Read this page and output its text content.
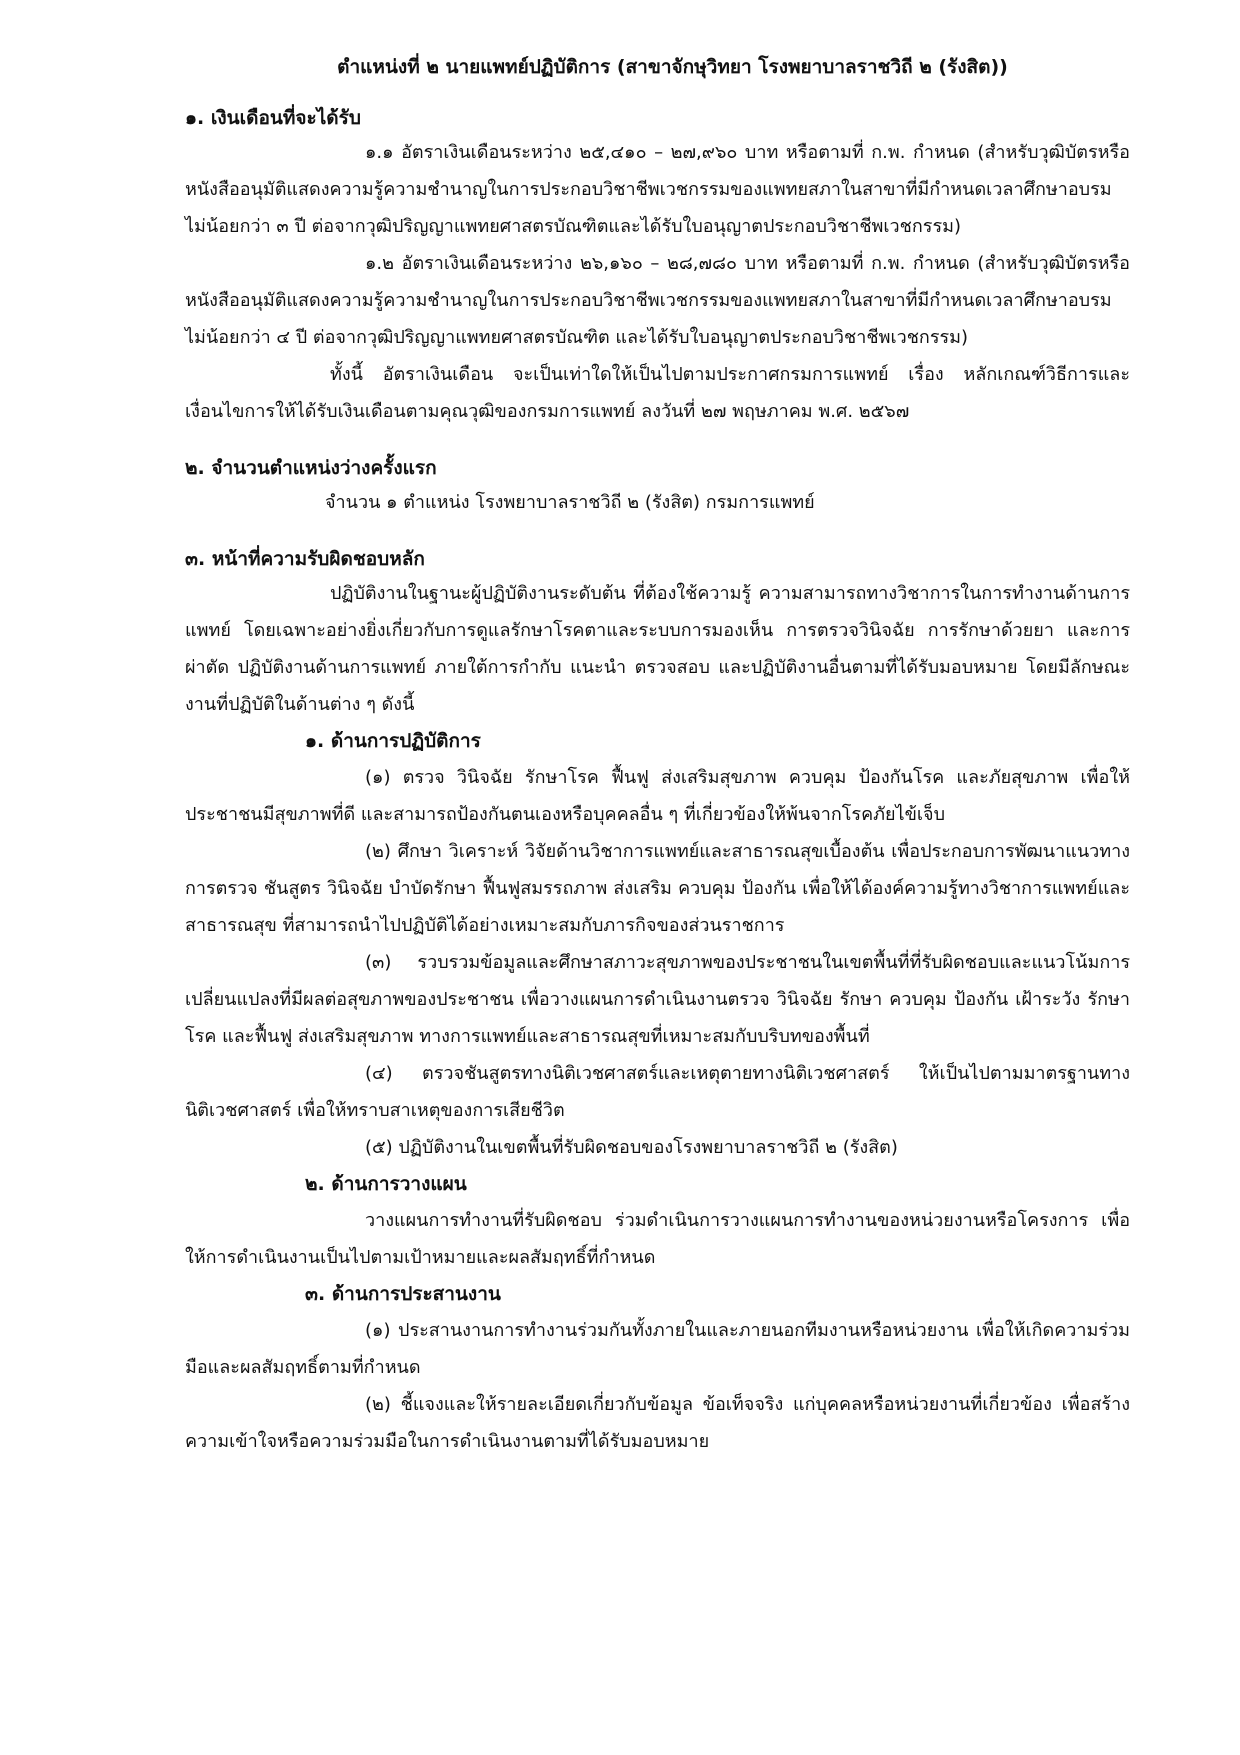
ตำแหน่งที่ ๒ นายแพทย์ปฏิบัติการ (สาขาจักษุวิทยา โรงพยาบาลราชวิถี ๒ (รังสิต))
๑. เงินเดือนที่จะได้รับ

๑.๑ อัตราเงินเดือนระหว่าง ๒๕,๔๑๐ – ๒๗,๙๖๐ บาท หรือตามที่ ก.พ. กำหนด (สำหรับวุฒิบัตรหรือหนังสืออนุมัติแสดงความรู้ความชำนาญในการประกอบวิชาชีพเวชกรรมของแพทยสภาในสาขาที่มีกำหนดเวลาศึกษาอบรมไม่น้อยกว่า ๓ ปี ต่อจากวุฒิปริญญาแพทยศาสตรบัณฑิตและได้รับใบอนุญาตประกอบวิชาชีพเวชกรรม)

๑.๒ อัตราเงินเดือนระหว่าง ๒๖,๑๖๐ – ๒๘,๗๘๐ บาท หรือตามที่ ก.พ. กำหนด (สำหรับวุฒิบัตรหรือหนังสืออนุมัติแสดงความรู้ความชำนาญในการประกอบวิชาชีพเวชกรรมของแพทยสภาในสาขาที่มีกำหนดเวลาศึกษาอบรมไม่น้อยกว่า ๔ ปี ต่อจากวุฒิปริญญาแพทยศาสตรบัณฑิต และได้รับใบอนุญาตประกอบวิชาชีพเวชกรรม)

ทั้งนี้ อัตราเงินเดือน จะเป็นเท่าใดให้เป็นไปตามประกาศกรมการแพทย์ เรื่อง หลักเกณฑ์วิธีการและเงื่อนไขการให้ได้รับเงินเดือนตามคุณวุฒิของกรมการแพทย์ ลงวันที่ ๒๗ พฤษภาคม พ.ศ. ๒๕๖๗

๒. จำนวนตำแหน่งว่างครั้งแรก

จำนวน ๑ ตำแหน่ง โรงพยาบาลราชวิถี ๒ (รังสิต) กรมการแพทย์

๓. หน้าที่ความรับผิดชอบหลัก

ปฏิบัติงานในฐานะผู้ปฏิบัติงานระดับต้น ที่ต้องใช้ความรู้ ความสามารถทางวิชาการในการทำงานด้านการแพทย์ โดยเฉพาะอย่างยิ่งเกี่ยวกับการดูแลรักษาโรคตาและระบบการมองเห็น การตรวจวินิจฉัย การรักษาด้วยยา และการผ่าตัด ปฏิบัติงานด้านการแพทย์ ภายใต้การกำกับ แนะนำ ตรวจสอบ และปฏิบัติงานอื่นตามที่ได้รับมอบหมาย โดยมีลักษณะงานที่ปฏิบัติในด้านต่าง ๆ ดังนี้

๑. ด้านการปฏิบัติการ

(๑) ตรวจ วินิจฉัย รักษาโรค ฟื้นฟู ส่งเสริมสุขภาพ ควบคุม ป้องกันโรค และภัยสุขภาพ เพื่อให้ประชาชนมีสุขภาพที่ดี และสามารถป้องกันตนเองหรือบุคคลอื่น ๆ ที่เกี่ยวข้องให้พ้นจากโรคภัยไข้เจ็บ

(๒) ศึกษา วิเคราะห์ วิจัยด้านวิชาการแพทย์และสาธารณสุขเบื้องต้น เพื่อประกอบการพัฒนาแนวทางการตรวจ ชันสูตร วินิจฉัย บำบัดรักษา ฟื้นฟูสมรรถภาพ ส่งเสริม ควบคุม ป้องกัน เพื่อให้ได้องค์ความรู้ทางวิชาการแพทย์และสาธารณสุข ที่สามารถนำไปปฏิบัติได้อย่างเหมาะสมกับภารกิจของส่วนราชการ

(๓) รวบรวมข้อมูลและศึกษาสภาวะสุขภาพของประชาชนในเขตพื้นที่ที่รับผิดชอบและแนวโน้มการเปลี่ยนแปลงที่มีผลต่อสุขภาพของประชาชน เพื่อวางแผนการดำเนินงานตรวจ วินิจฉัย รักษา ควบคุม ป้องกัน เฝ้าระวัง รักษาโรค และฟื้นฟู ส่งเสริมสุขภาพ ทางการแพทย์และสาธารณสุขที่เหมาะสมกับบริบทของพื้นที่

(๔) ตรวจชันสูตรทางนิติเวชศาสตร์และเหตุตายทางนิติเวชศาสตร์ ให้เป็นไปตามมาตรฐานทางนิติเวชศาสตร์ เพื่อให้ทราบสาเหตุของการเสียชีวิต

(๕) ปฏิบัติงานในเขตพื้นที่รับผิดชอบของโรงพยาบาลราชวิถี ๒ (รังสิต)

๒. ด้านการวางแผน

วางแผนการทำงานที่รับผิดชอบ ร่วมดำเนินการวางแผนการทำงานของหน่วยงานหรือโครงการ เพื่อให้การดำเนินงานเป็นไปตามเป้าหมายและผลสัมฤทธิ์ที่กำหนด

๓. ด้านการประสานงาน

(๑) ประสานงานการทำงานร่วมกันทั้งภายในและภายนอกทีมงานหรือหน่วยงาน เพื่อให้เกิดความร่วมมือและผลสัมฤทธิ์ตามที่กำหนด

(๒) ชี้แจงและให้รายละเอียดเกี่ยวกับข้อมูล ข้อเท็จจริง แก่บุคคลหรือหน่วยงานที่เกี่ยวข้อง เพื่อสร้างความเข้าใจหรือความร่วมมือในการดำเนินงานตามที่ได้รับมอบหมาย
